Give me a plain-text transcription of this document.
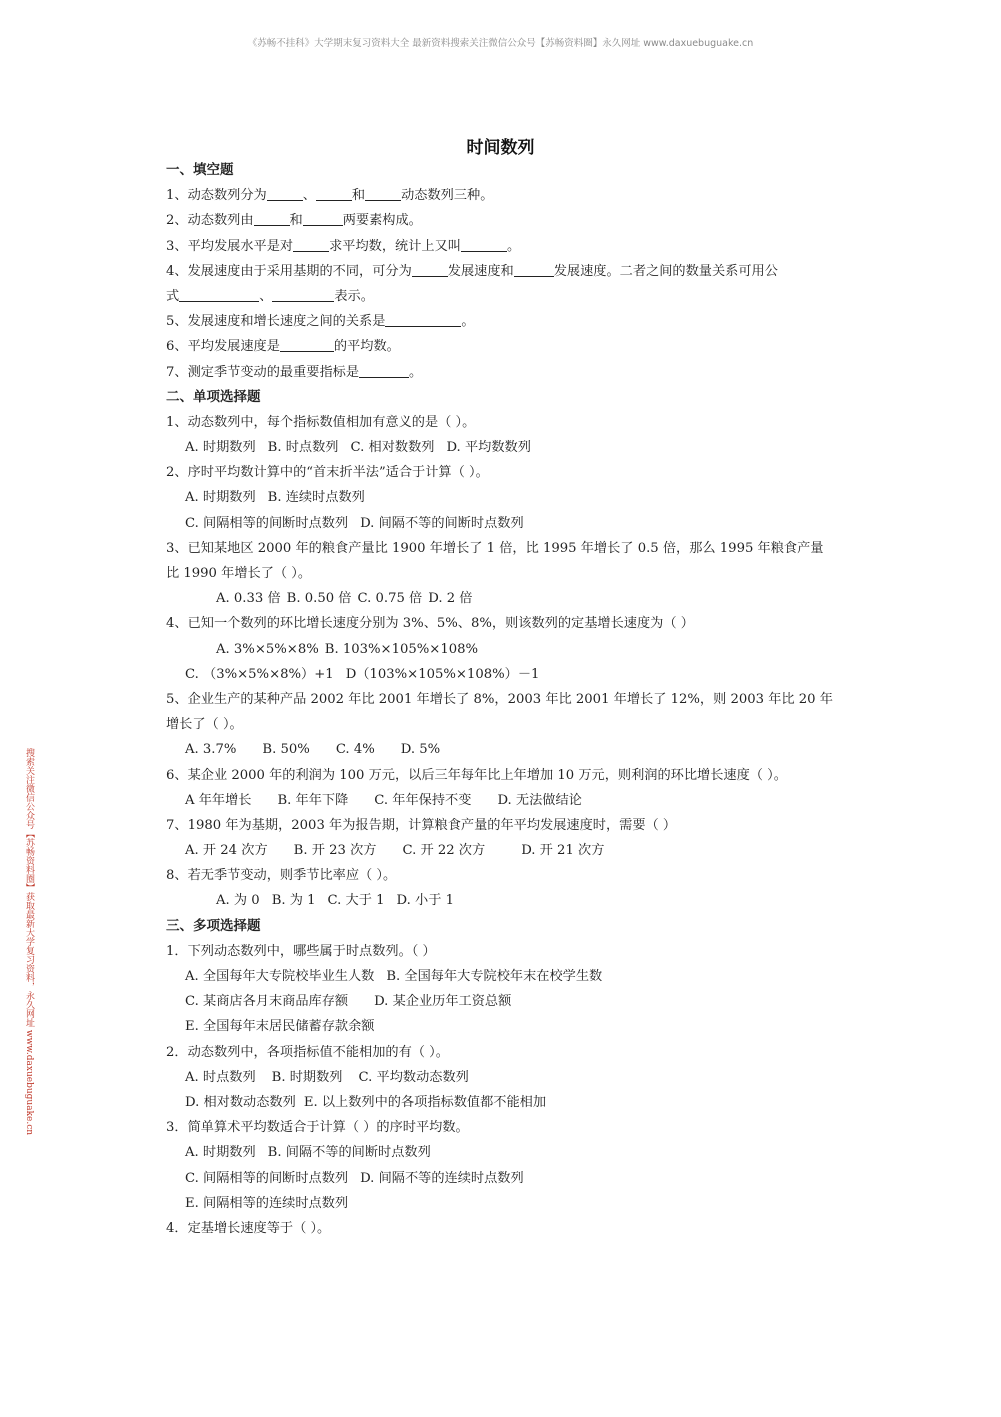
《苏畅不挂科》大学期末复习资料大全 最新资料搜索关注微信公众号【苏畅资料圈】永久网址 www.daxuebuguake.cn
搜索关注微信公众号【苏畅资料圈】获取最新大学复习资料，永久网址 www.daxuebuguake.cn
时间数列
一、填空题
1、动态数列分为	、	和	动态数列三种。
2、动态数列由	和	两要素构成。
3、平均发展水平是对	求平均数，统计上又叫	。
4、发展速度由于采用基期的不同，可分为	发展速度和	发展速度。二者之间的数量关系可用公
式	、	表示。
5、发展速度和增长速度之间的关系是	。
6、平均发展速度是	的平均数。
7、测定季节变动的最重要指标是	。
二、单项选择题
1、动态数列中，每个指标数值相加有意义的是（ ）。
A. 时期数列 B. 时点数列 C. 相对数数列 D. 平均数数列
2、序时平均数计算中的“首末折半法”适合于计算（ ）。
A. 时期数列 B. 连续时点数列
C. 间隔相等的间断时点数列 D. 间隔不等的间断时点数列
3、已知某地区 2000 年的粮食产量比 1900 年增长了 1 倍，比 1995 年增长了 0.5 倍，那么 1995 年粮食产量
比 1990 年增长了（ ）。
A. 0.33 倍 B. 0.50 倍 C. 0.75 倍 D. 2 倍
4、已知一个数列的环比增长速度分别为 3%、5%、8%，则该数列的定基增长速度为（ ）
A. 3%×5%×8% B. 103%×105%×108%
C. （3%×5%×8%）+1 D（103%×105%×108%）－1
5、企业生产的某种产品 2002 年比 2001 年增长了 8%，2003 年比 2001 年增长了 12%，则 2003 年比 20 年
增长了（ ）。
A. 3.7% B. 50% C. 4% D. 5%
6、某企业 2000 年的利润为 100 万元，以后三年每年比上年增加 10 万元，则利润的环比增长速度（ ）。
A 年年增长 B. 年年下降 C. 年年保持不变 D. 无法做结论
7、1980 年为基期，2003 年为报告期，计算粮食产量的年平均发展速度时，需要（ ）
A. 开 24 次方 B. 开 23 次方 C. 开 22 次方	D. 开 21 次方
8、若无季节变动，则季节比率应（ ）。
A. 为 0 B. 为 1 C. 大于 1 D. 小于 1
三、多项选择题
1．下列动态数列中，哪些属于时点数列。（ ）
A. 全国每年大专院校毕业生人数 B. 全国每年大专院校年末在校学生数
C. 某商店各月末商品库存额 D. 某企业历年工资总额
E. 全国每年末居民储蓄存款余额
2．动态数列中，各项指标值不能相加的有（ ）。
A. 时点数列 B. 时期数列 C. 平均数动态数列
D. 相对数动态数列 E. 以上数列中的各项指标数值都不能相加
3．简单算术平均数适合于计算（ ）的序时平均数。
A. 时期数列 B. 间隔不等的间断时点数列
C. 间隔相等的间断时点数列 D. 间隔不等的连续时点数列
E. 间隔相等的连续时点数列
4．定基增长速度等于（ ）。
